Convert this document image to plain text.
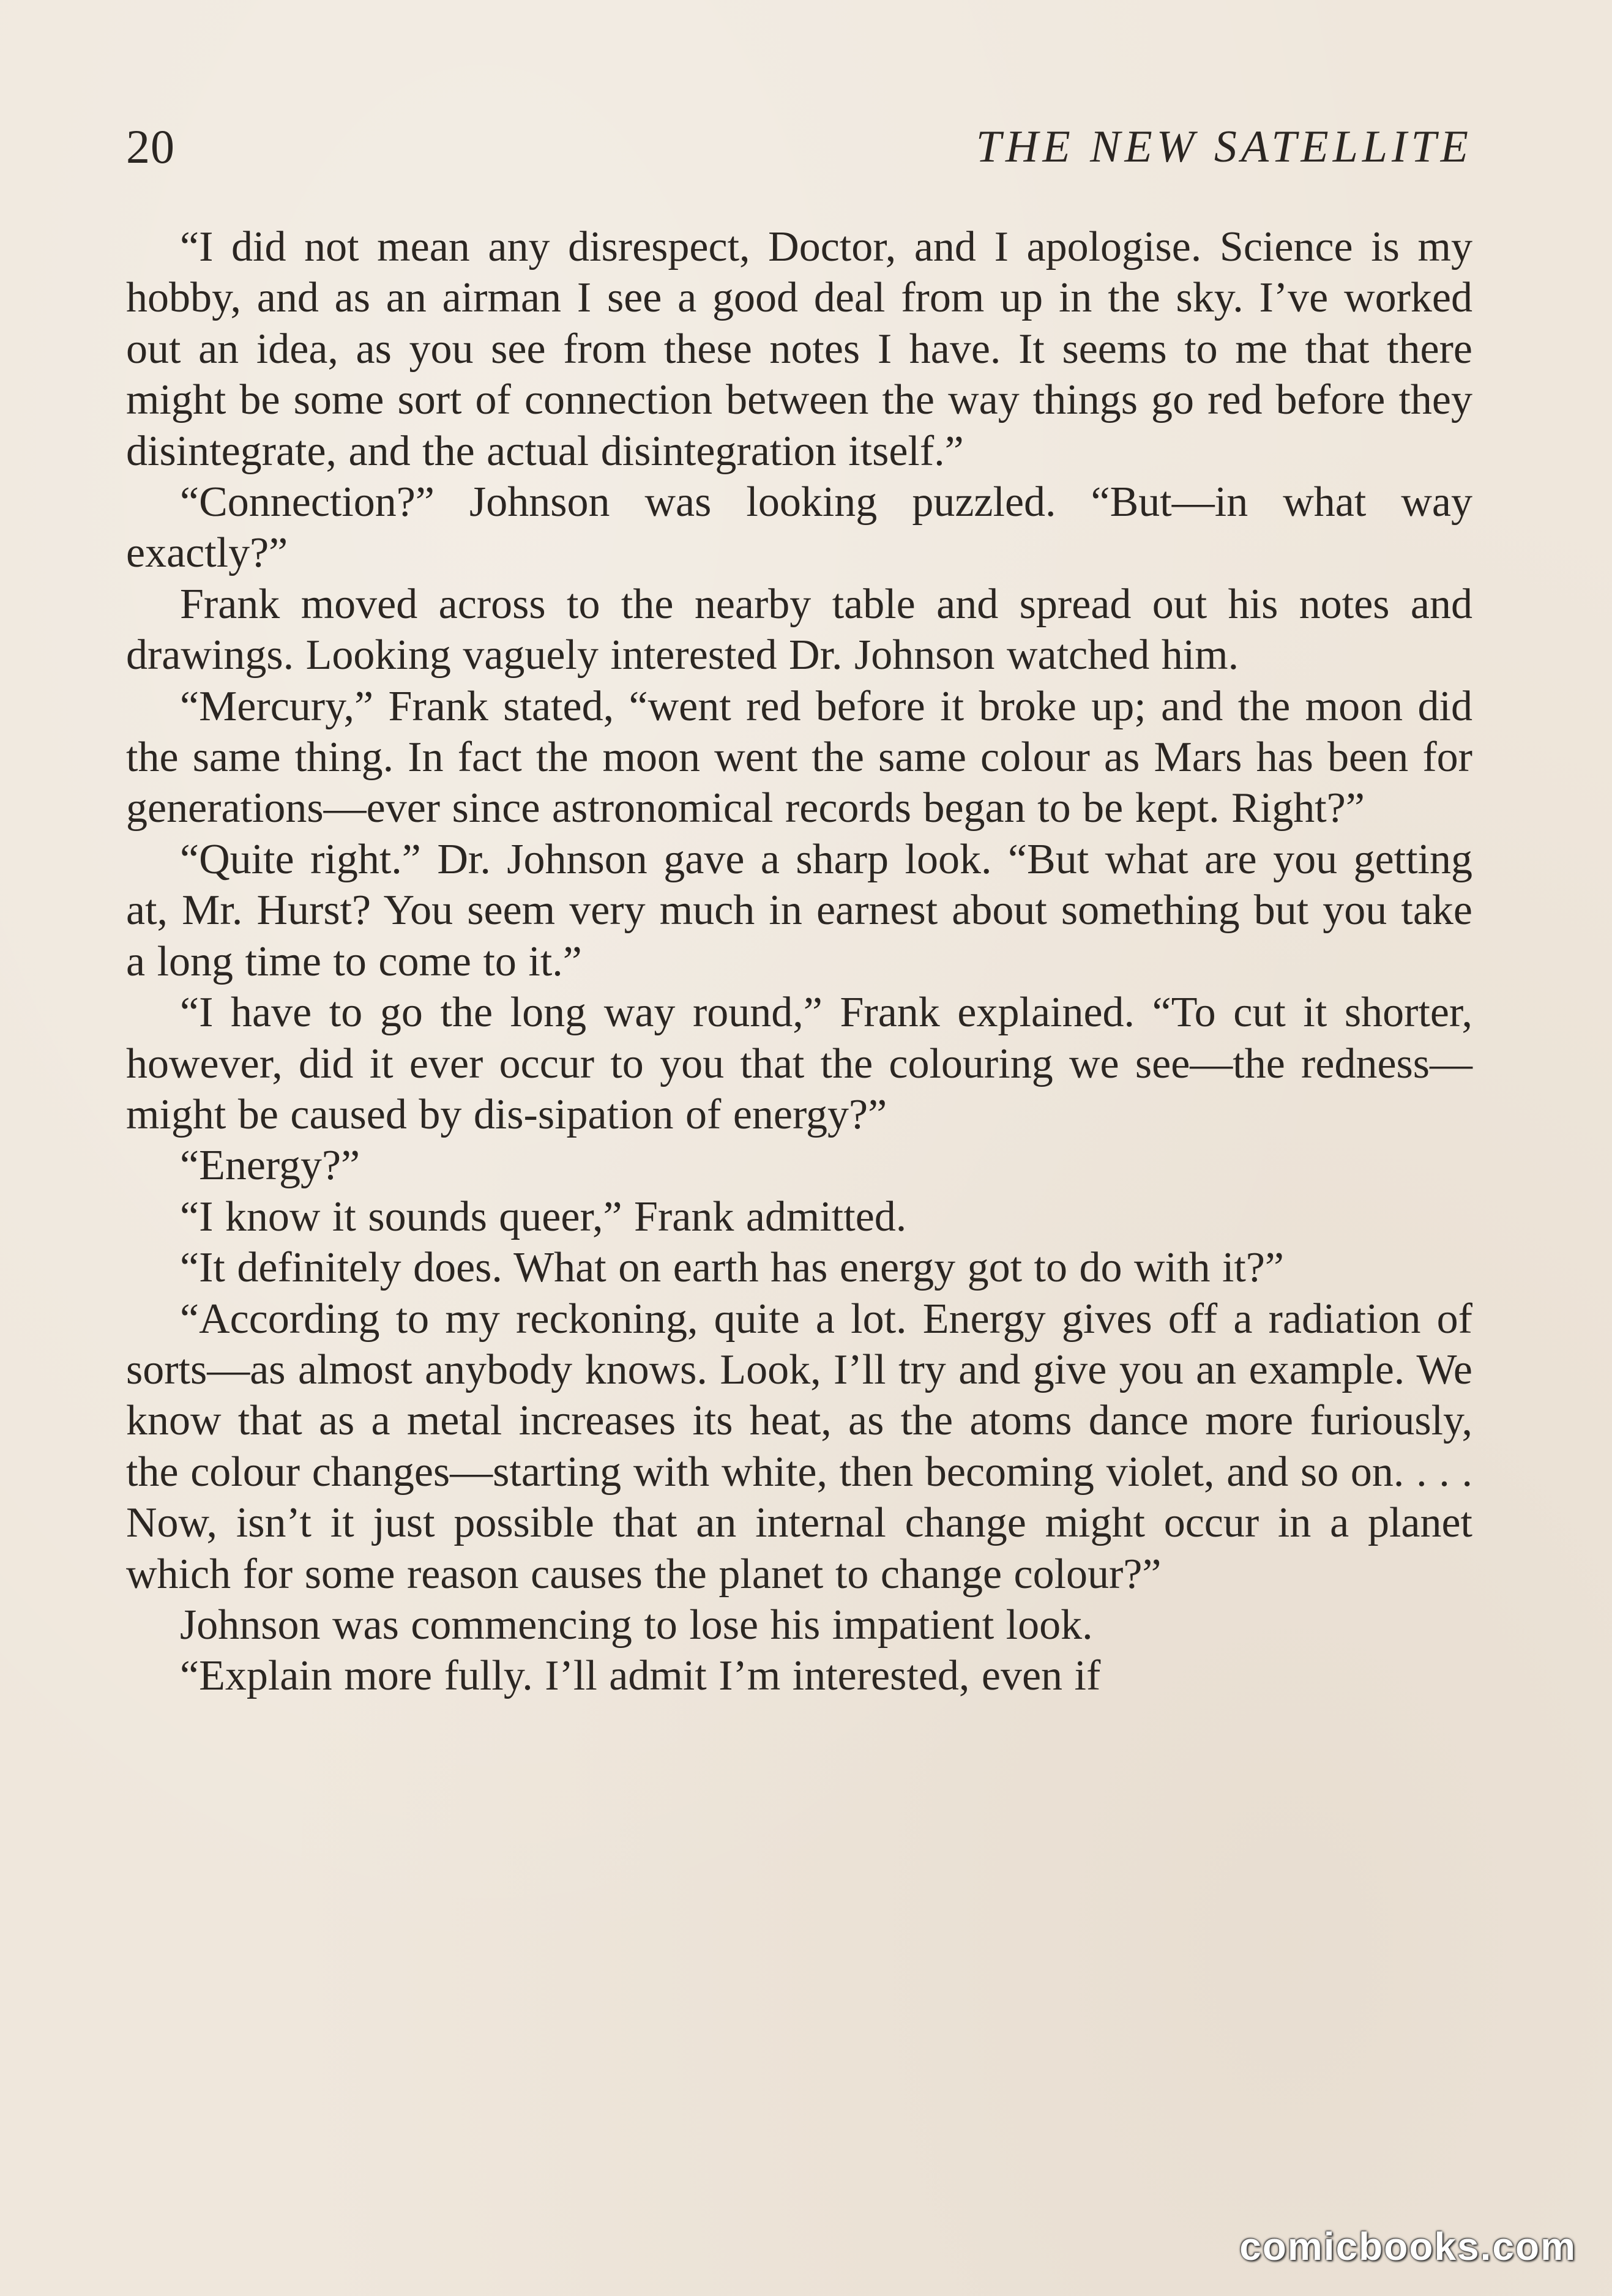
20	THE NEW SATELLITE

“I did not mean any disrespect, Doctor, and I apologise. Science is my hobby, and as an airman I see a good deal from up in the sky. I’ve worked out an idea, as you see from these notes I have. It seems to me that there might be some sort of connection between the way things go red before they disintegrate, and the actual disintegration itself.”

“Connection?” Johnson was looking puzzled. “But—in what way exactly?”

Frank moved across to the nearby table and spread out his notes and drawings. Looking vaguely interested Dr. Johnson watched him.

“Mercury,” Frank stated, “went red before it broke up; and the moon did the same thing. In fact the moon went the same colour as Mars has been for generations—ever since astronomical records began to be kept. Right?”

“Quite right.” Dr. Johnson gave a sharp look. “But what are you getting at, Mr. Hurst? You seem very much in earnest about something but you take a long time to come to it.”

“I have to go the long way round,” Frank explained. “To cut it shorter, however, did it ever occur to you that the colouring we see—the redness—might be caused by dis-sipation of energy?”

“Energy?”

“I know it sounds queer,” Frank admitted.

“It definitely does. What on earth has energy got to do with it?”

“According to my reckoning, quite a lot. Energy gives off a radiation of sorts—as almost anybody knows. Look, I’ll try and give you an example. We know that as a metal increases its heat, as the atoms dance more furiously, the colour changes—starting with white, then becoming violet, and so on. . . . Now, isn’t it just possible that an internal change might occur in a planet which for some reason causes the planet to change colour?”

Johnson was commencing to lose his impatient look.

“Explain more fully. I’ll admit I’m interested, even if

comicbooks.com
